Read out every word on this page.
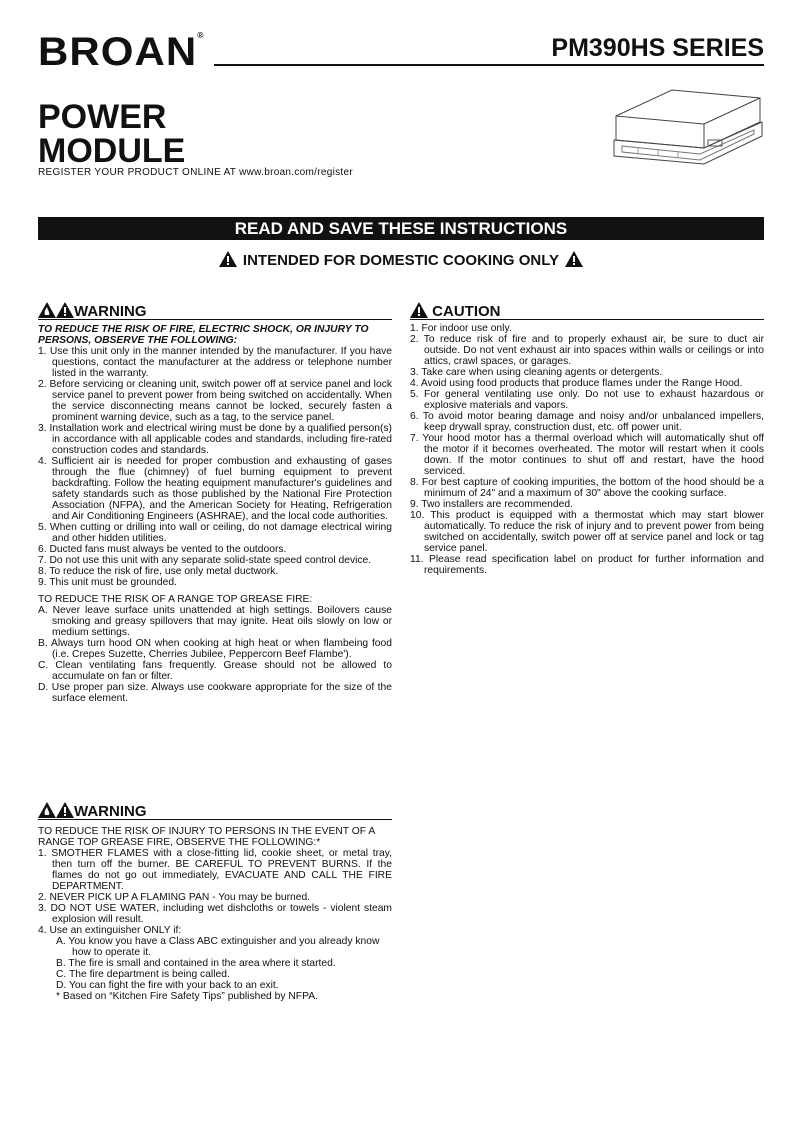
BROAN®	PM390HS SERIES
POWER
MODULE
REGISTER YOUR PRODUCT ONLINE AT www.broan.com/register
READ AND SAVE THESE INSTRUCTIONS
INTENDED FOR DOMESTIC COOKING ONLY
WARNING

TO REDUCE THE RISK OF FIRE, ELECTRIC SHOCK, OR INJURY TO PERSONS, OBSERVE THE FOLLOWING:

1. Use this unit only in the manner intended by the manufacturer. If you have questions, contact the manufacturer at the address or telephone number listed in the warranty.

2. Before servicing or cleaning unit, switch power off at service panel and lock service panel to prevent power from being switched on accidentally. When the service disconnecting means cannot be locked, securely fasten a prominent warning device, such as a tag, to the service panel.

3. Installation work and electrical wiring must be done by a qualified person(s) in accordance with all applicable codes and standards, including fire-rated construction codes and standards.

4. Sufficient air is needed for proper combustion and exhausting of gases through the flue (chimney) of fuel burning equipment to prevent backdrafting. Follow the heating equipment manufacturer's guidelines and safety standards such as those published by the National Fire Protection Association (NFPA), and the American Society for Heating, Refrigeration and Air Conditioning Engineers (ASHRAE), and the local code authorities.

5. When cutting or drilling into wall or ceiling, do not damage electrical wiring and other hidden utilities.

6. Ducted fans must always be vented to the outdoors.

7. Do not use this unit with any separate solid-state speed control device.

8. To reduce the risk of fire, use only metal ductwork.

9. This unit must be grounded.

TO REDUCE THE RISK OF A RANGE TOP GREASE FIRE:

A. Never leave surface units unattended at high settings. Boilovers cause smoking and greasy spillovers that may ignite. Heat oils slowly on low or medium settings.

B. Always turn hood ON when cooking at high heat or when flambeing food (i.e. Crepes Suzette, Cherries Jubilee, Peppercorn Beef Flambe').

C. Clean ventilating fans frequently. Grease should not be allowed to accumulate on fan or filter.

D. Use proper pan size. Always use cookware appropriate for the size of the surface element.

WARNING

TO REDUCE THE RISK OF INJURY TO PERSONS IN THE EVENT OF A RANGE TOP GREASE FIRE, OBSERVE THE FOLLOWING:*

1. SMOTHER FLAMES with a close-fitting lid, cookie sheet, or metal tray, then turn off the burner. BE CAREFUL TO PREVENT BURNS. If the flames do not go out immediately, EVACUATE AND CALL THE FIRE DEPARTMENT.

2. NEVER PICK UP A FLAMING PAN - You may be burned.

3. DO NOT USE WATER, including wet dishcloths or towels - violent steam explosion will result.

4. Use an extinguisher ONLY if:

A. You know you have a Class ABC extinguisher and you already know how to operate it.

B. The fire is small and contained in the area where it started.

C. The fire department is being called.

D. You can fight the fire with your back to an exit.

* Based on “Kitchen Fire Safety Tips” published by NFPA.

CAUTION

1. For indoor use only.

2. To reduce risk of fire and to properly exhaust air, be sure to duct air outside. Do not vent exhaust air into spaces within walls or ceilings or into attics, crawl spaces, or garages.

3. Take care when using cleaning agents or detergents.

4. Avoid using food products that produce flames under the Range Hood.

5. For general ventilating use only. Do not use to exhaust hazardous or explosive materials and vapors.

6. To avoid motor bearing damage and noisy and/or unbalanced impellers, keep drywall spray, construction dust, etc. off power unit.

7. Your hood motor has a thermal overload which will automatically shut off the motor if it becomes overheated. The motor will restart when it cools down. If the motor continues to shut off and restart, have the hood serviced.

8. For best capture of cooking impurities, the bottom of the hood should be a minimum of 24" and a maximum of 30" above the cooking surface.

9. Two installers are recommended.

10. This product is equipped with a thermostat which may start blower automatically. To reduce the risk of injury and to prevent power from being switched on accidentally, switch power off at service panel and lock or tag service panel.

11. Please read specification label on product for further information and requirements.
